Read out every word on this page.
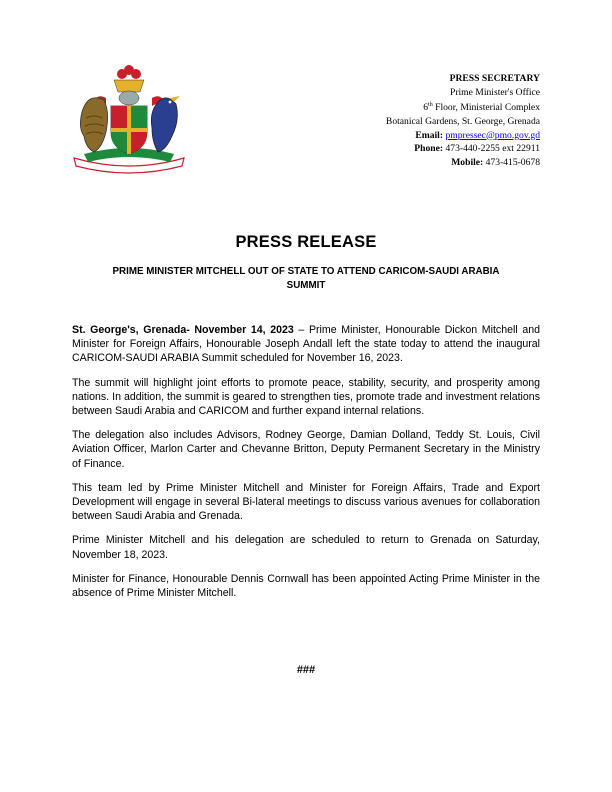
PRESS SECRETARY
Prime Minister's Office
6th Floor, Ministerial Complex
Botanical Gardens, St. George, Grenada
Email: pmpressec@pmo.gov.gd
Phone: 473-440-2255 ext 22911
Mobile: 473-415-0678
PRESS RELEASE
PRIME MINISTER MITCHELL OUT OF STATE TO ATTEND CARICOM-SAUDI ARABIA SUMMIT

St. George's, Grenada- November 14, 2023 – Prime Minister, Honourable Dickon Mitchell and Minister for Foreign Affairs, Honourable Joseph Andall left the state today to attend the inaugural CARICOM-SAUDI ARABIA Summit scheduled for November 16, 2023.

The summit will highlight joint efforts to promote peace, stability, security, and prosperity among nations. In addition, the summit is geared to strengthen ties, promote trade and investment relations between Saudi Arabia and CARICOM and further expand internal relations.

The delegation also includes Advisors, Rodney George, Damian Dolland, Teddy St. Louis, Civil Aviation Officer, Marlon Carter and Chevanne Britton, Deputy Permanent Secretary in the Ministry of Finance.

This team led by Prime Minister Mitchell and Minister for Foreign Affairs, Trade and Export Development will engage in several Bi-lateral meetings to discuss various avenues for collaboration between Saudi Arabia and Grenada.

Prime Minister Mitchell and his delegation are scheduled to return to Grenada on Saturday, November 18, 2023.

Minister for Finance, Honourable Dennis Cornwall has been appointed Acting Prime Minister in the absence of Prime Minister Mitchell.

###
